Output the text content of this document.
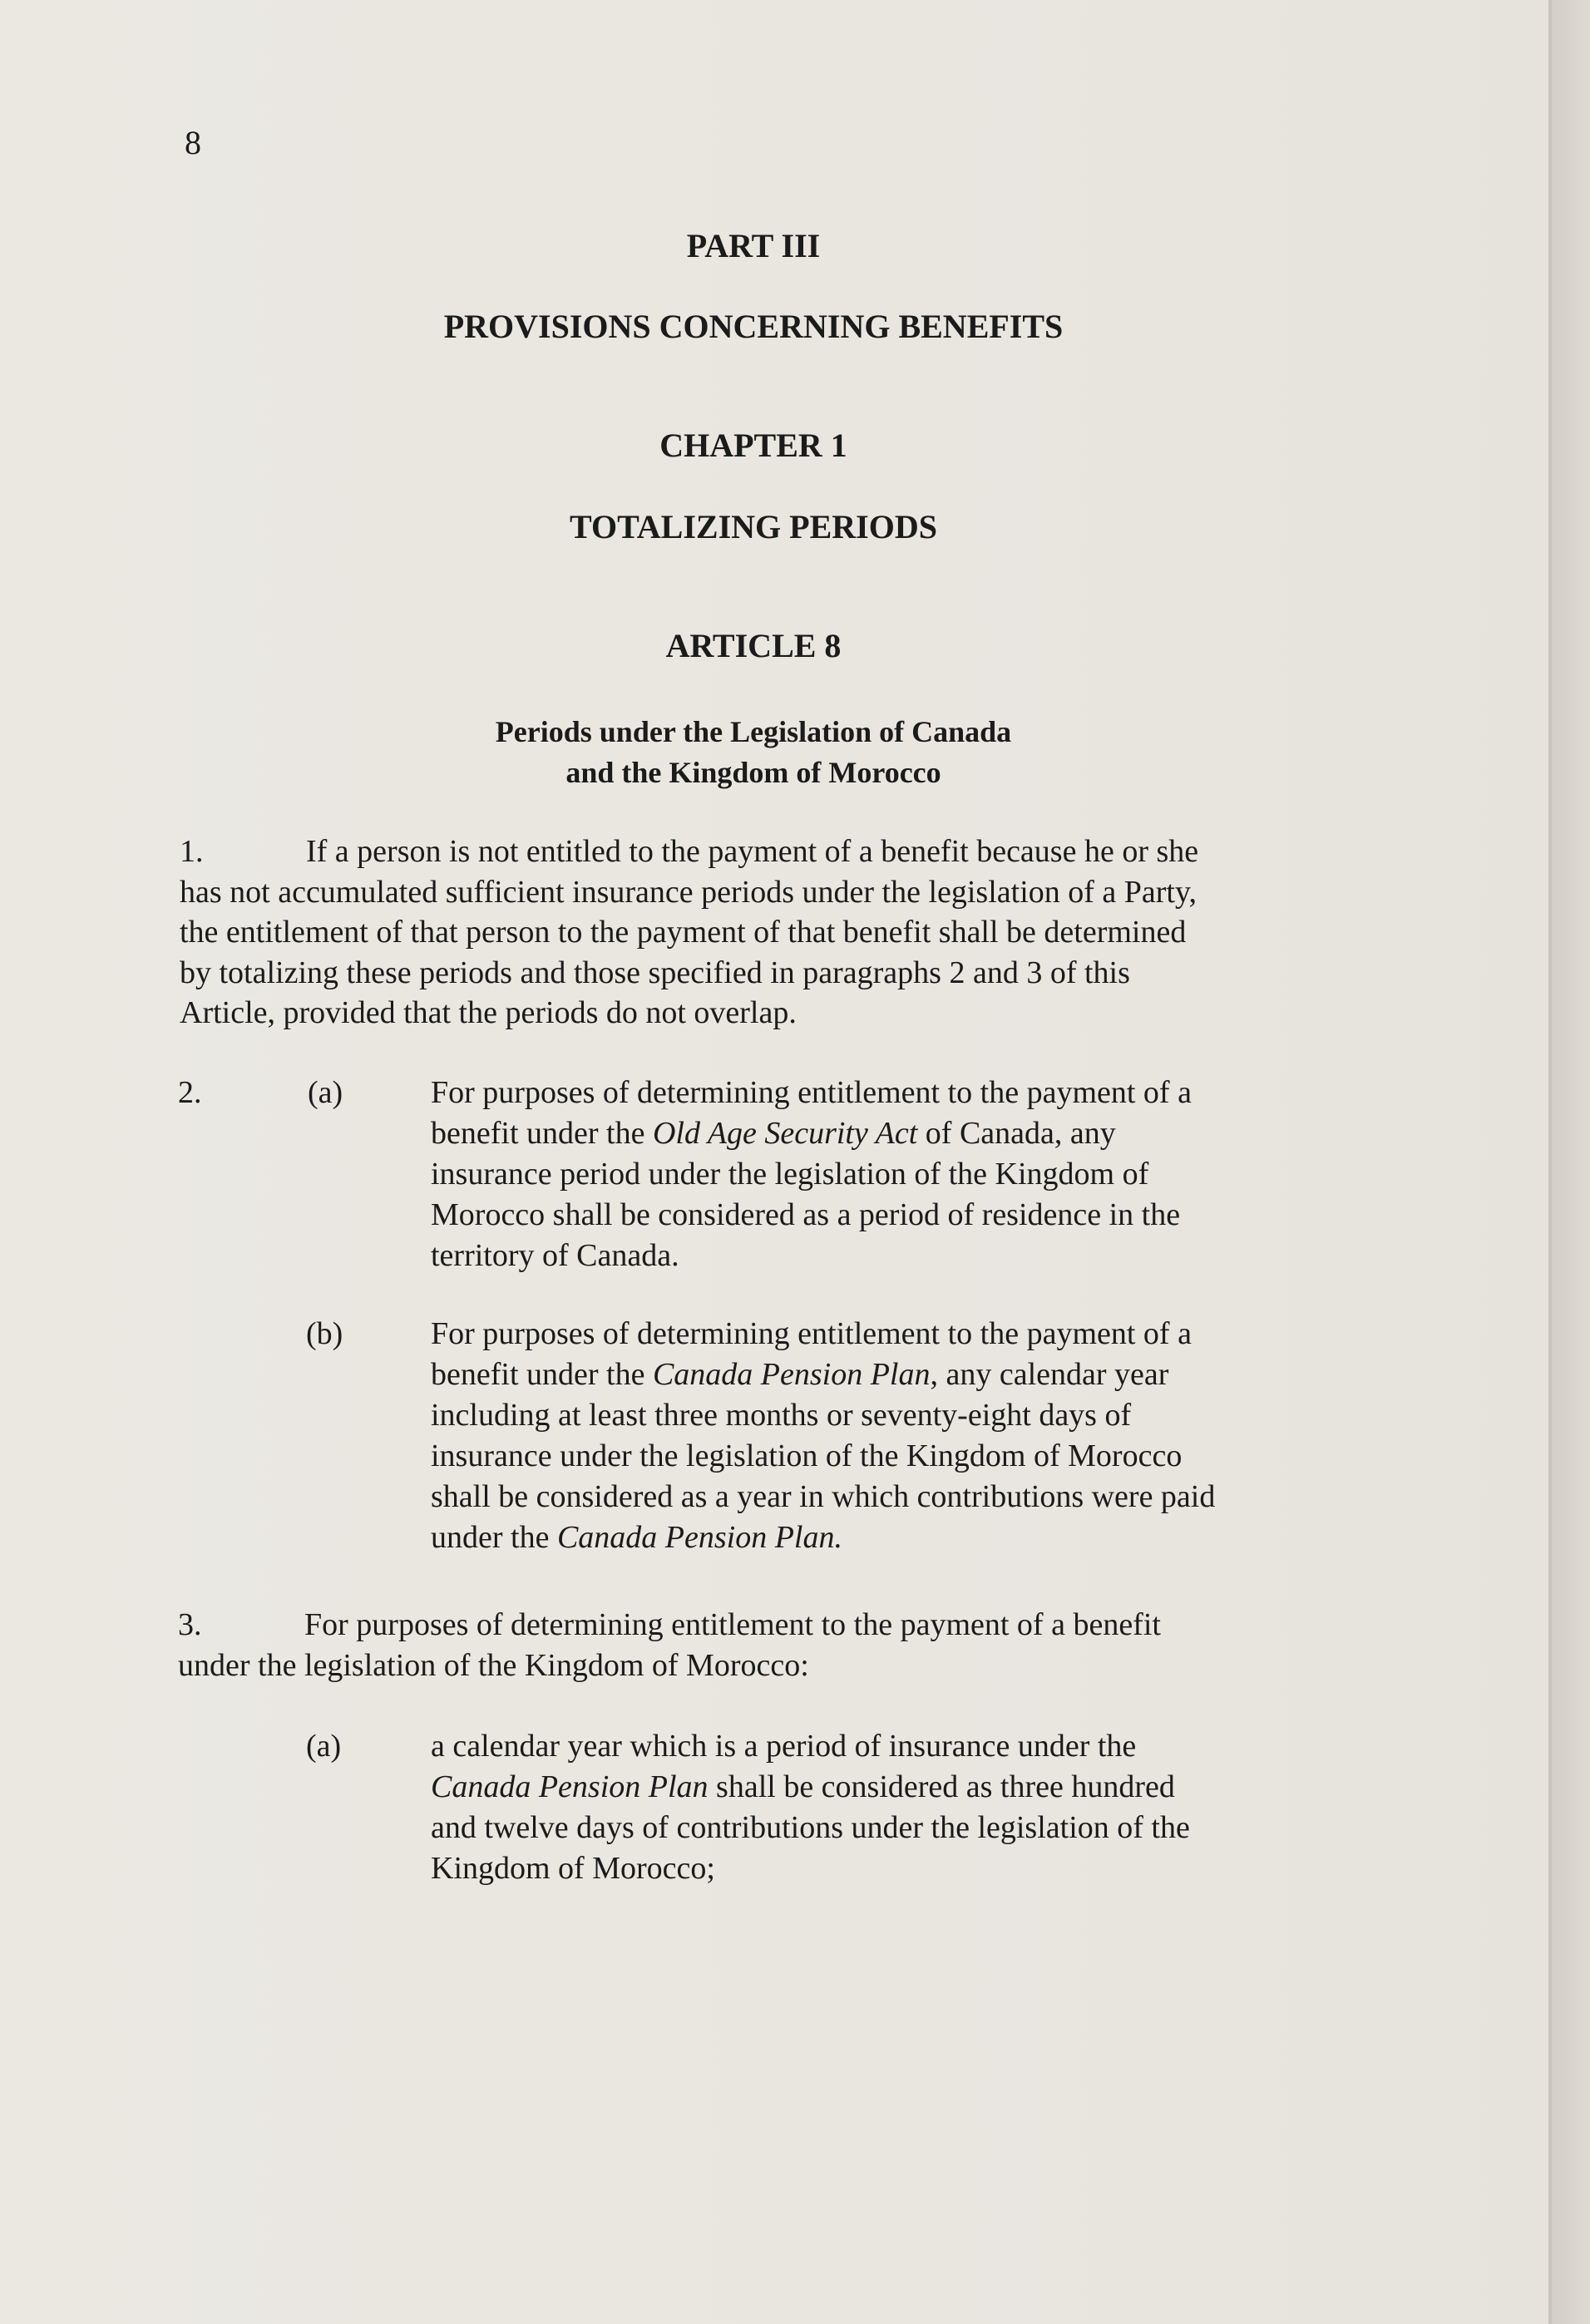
8
PART III
PROVISIONS CONCERNING BENEFITS
CHAPTER 1
TOTALIZING PERIODS
ARTICLE 8
Periods under the Legislation of Canada
and the Kingdom of Morocco
1.	If a person is not entitled to the payment of a benefit because he or she
has not accumulated sufficient insurance periods under the legislation of a Party,
the entitlement of that person to the payment of that benefit shall be determined
by totalizing these periods and those specified in paragraphs 2 and 3 of this
Article, provided that the periods do not overlap.
2.	(a)	For purposes of determining entitlement to the payment of a
benefit under the Old Age Security Act of Canada, any
insurance period under the legislation of the Kingdom of
Morocco shall be considered as a period of residence in the
territory of Canada.
(b)	For purposes of determining entitlement to the payment of a
benefit under the Canada Pension Plan, any calendar year
including at least three months or seventy-eight days of
insurance under the legislation of the Kingdom of Morocco
shall be considered as a year in which contributions were paid
under the Canada Pension Plan.
3.	For purposes of determining entitlement to the payment of a benefit
under the legislation of the Kingdom of Morocco:
(a)	a calendar year which is a period of insurance under the
Canada Pension Plan shall be considered as three hundred
and twelve days of contributions under the legislation of the
Kingdom of Morocco;
